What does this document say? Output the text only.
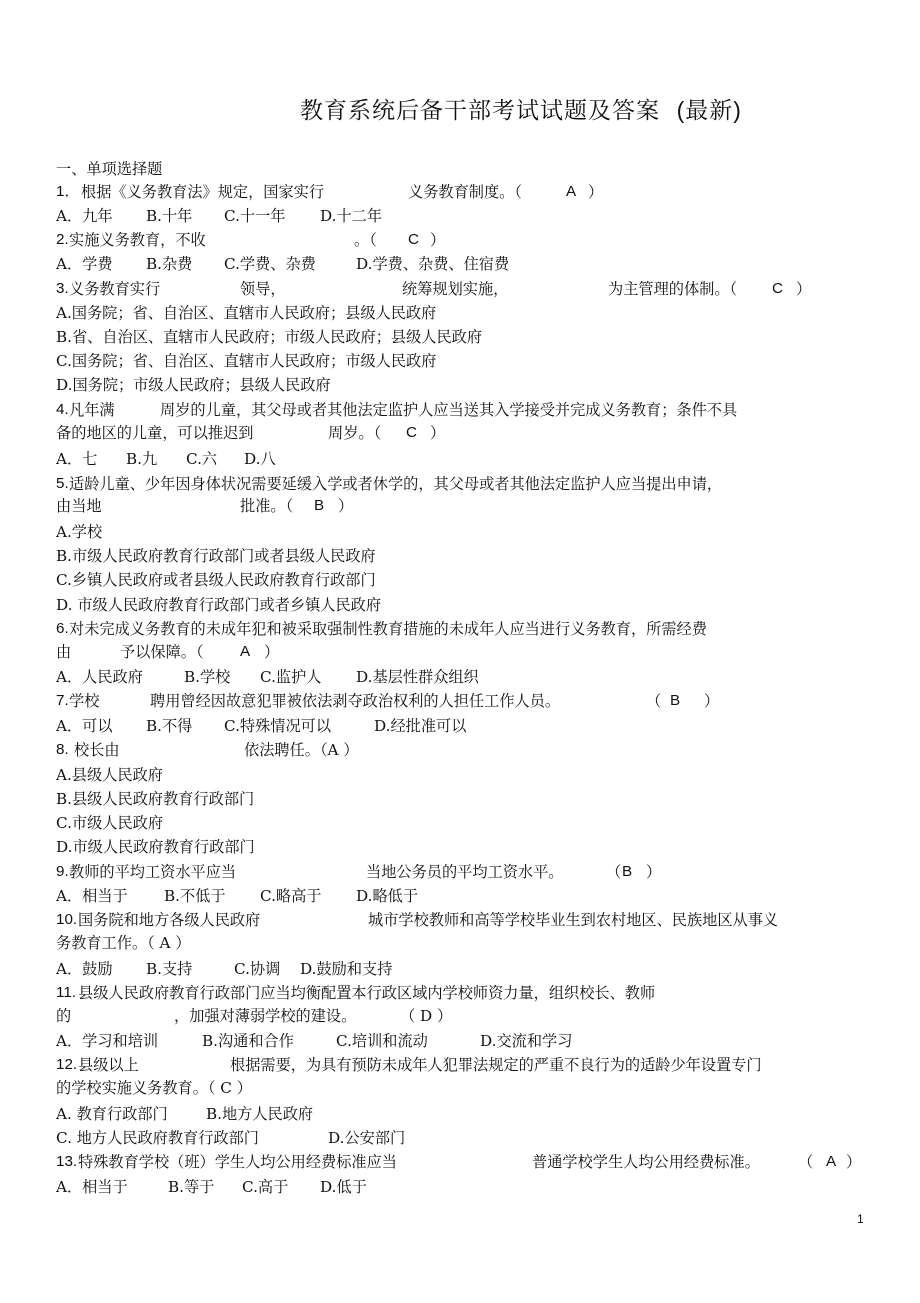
教育系统后备干部考试试题及答案 (最新)
一、单项选择题
1． 根据《义务教育法》规定，国家实行	义务教育制度。（	A ）
A．九年 B.十年 C.十一年 D.十二年
2. 实施义务教育，不收	。（ C ）
A．学费 B.杂费 C.学费、杂费	D.学费、杂费、住宿费
3. 义务教育实行	领导，	统筹规划实施，	为主管理的体制。（ C ）
A.国务院；省、自治区、直辖市人民政府；县级人民政府
B.省、自治区、直辖市人民政府；市级人民政府；县级人民政府
C.国务院；省、自治区、直辖市人民政府；市级人民政府
D.国务院；市级人民政府；县级人民政府
4. 凡年满	周岁的儿童，其父母或者其他法定监护人应当送其入学接受并完成义务教育；条件不具
备的地区的儿童，可以推迟到	周岁。（ C ）
A．七 B.九 C.六 D.八
5. 适龄儿童、少年因身体状况需要延缓入学或者休学的，其父母或者其他法定监护人应当提出申请，
由当地	批准。（ B ）
A.学校
B.市级人民政府教育行政部门或者县级人民政府
C.乡镇人民政府或者县级人民政府教育行政部门
D. 市级人民政府教育行政部门或者乡镇人民政府
6. 对未完成义务教育的未成年犯和被采取强制性教育措施的未成年人应当进行义务教育，所需经费
由	予以保障。（ A ）
A．人民政府	B.学校 C.监护人 D.基层性群众组织
7. 学校	聘用曾经因故意犯罪被依法剥夺政治权利的人担任工作人员。	（ B ）
A．可以 B.不得 C.特殊情况可以	D.经批准可以
8. 校长由	依法聘任。（A ）
A.县级人民政府
B.县级人民政府教育行政部门
C.市级人民政府
D.市级人民政府教育行政部门
9. 教师的平均工资水平应当	当地公务员的平均工资水平。	（ B ）
A．相当于 B.不低于 C.略高于 D.略低于
10. 国务院和地方各级人民政府	城市学校教师和高等学校毕业生到农村地区、民族地区从事义
务教育工作。（ A ）
A．鼓励 B.支持	C.协调 D.鼓励和支持
11. 县级人民政府教育行政部门应当均衡配置本行政区域内学校师资力量，组织校长、教师
的	，加强对薄弱学校的建设。	（ D ）
A．学习和培训	B.沟通和合作	C.培训和流动	D.交流和学习
12. 县级以上	根据需要，为具有预防未成年人犯罪法规定的严重不良行为的适龄少年设置专门
的学校实施义务教育。（ C ）
A. 教育行政部门	B.地方人民政府
C. 地方人民政府教育行政部门	D.公安部门
13. 特殊教育学校（班）学生人均公用经费标准应当	普通学校学生人均公用经费标准。	（ A ）
A．相当于	B.等于 C.高于 D.低于
1
